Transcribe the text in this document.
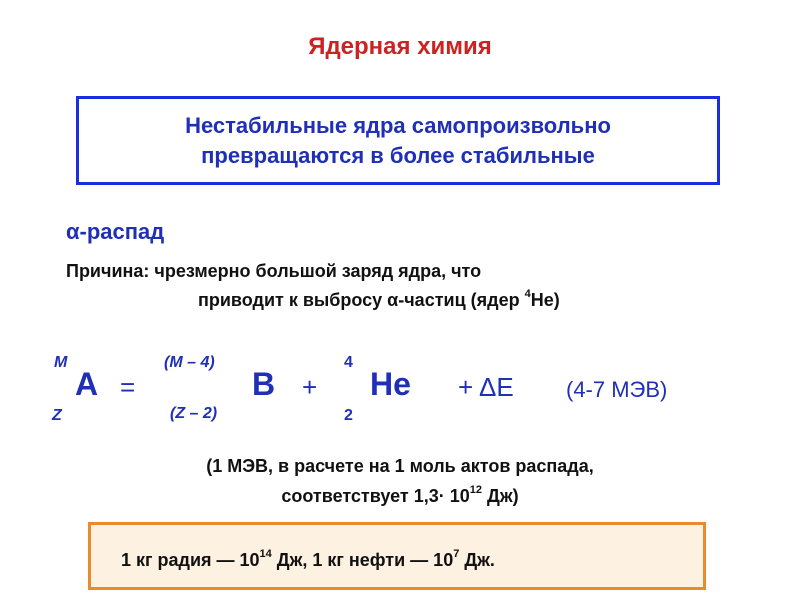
Ядерная химия
Нестабильные ядра самопроизвольно
превращаются в более стабильные
α-распад
Причина: чрезмерно большой заряд ядра, что
приводит к выбросу α-частиц (ядер $^4$He)
M
Z
A =
(M – 4)
(Z – 2)
B +
4
2
He + ΔE (4-7 МЭВ)
(1 МЭВ, в расчете на 1 моль актов распада,
соответствует $1,3\cdot 10^{12}$ Дж)
1 кг радия — $10^{14}$ Дж, 1 кг нефти — $10^7$ Дж.
